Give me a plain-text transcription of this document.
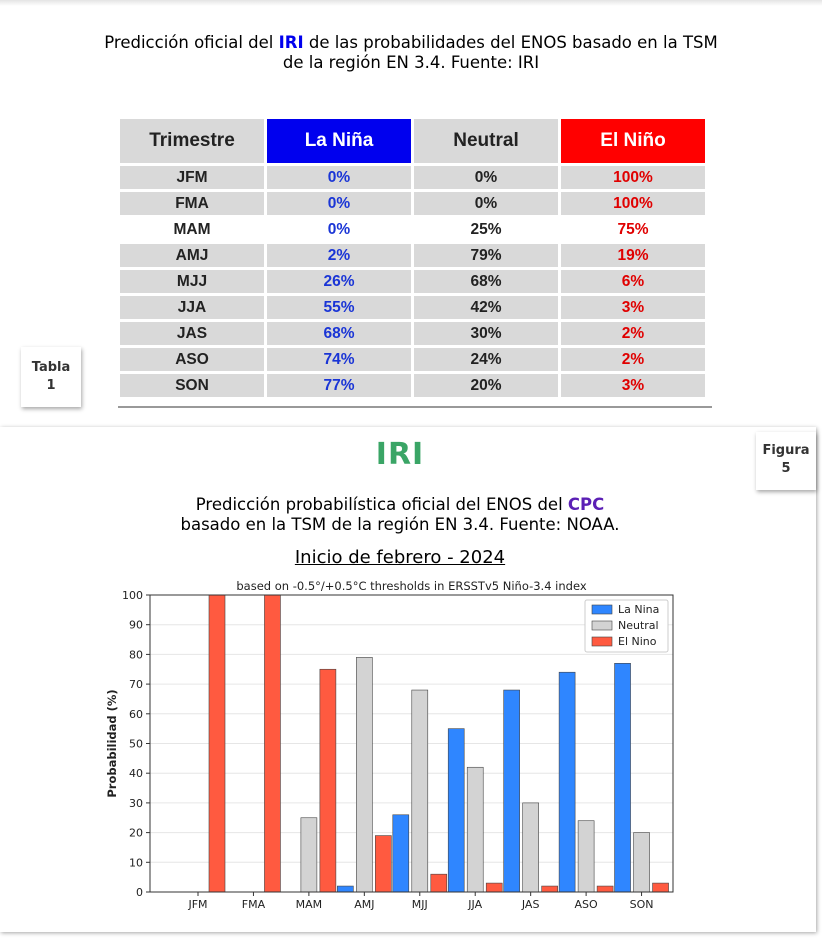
Predicción oficial del IRI de las probabilidades del ENOS basado en la TSM
de la región EN 3.4. Fuente: IRI
Trimestre	La Niña	Neutral	El Niño
JFM	0%	0%	100%
FMA	0%	0%	100%
MAM	0%	25%	75%
AMJ	2%	79%	19%
MJJ	26%	68%	6%
JJA	55%	42%	3%
JAS	68%	30%	2%
ASO	74%	24%	2%
SON	77%	20%	3%
Tabla
1
Figura
5
IRI
Predicción probabilística oficial del ENOS del CPC
basado en la TSM de la región EN 3.4. Fuente: NOAA.
Inicio de febrero - 2024
0
10
20
30
40
50
60
70
80
90
100
JFM	FMA	MAM	AMJ	MJJ	JJA	JAS	ASO	SON
based on -0.5°/+0.5°C thresholds in ERSSTv5 Niño-3.4 index
Probabilidad (%)
La Nina
Neutral
El Nino
